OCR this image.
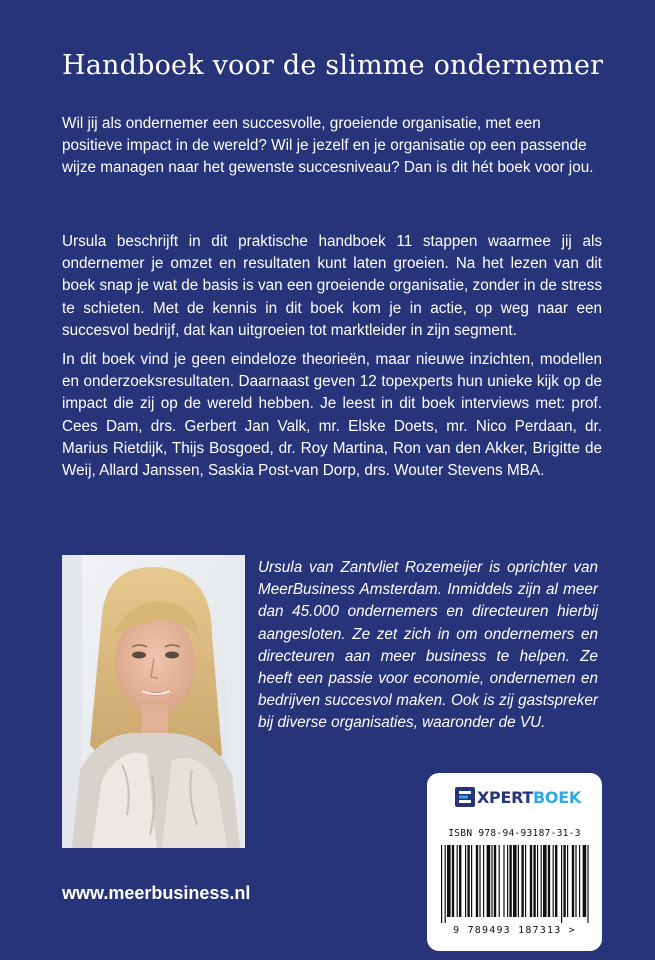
Handboek voor de slimme ondernemer

Wil jij als ondernemer een succesvolle, groeiende organisatie, met een positieve impact in de wereld? Wil je jezelf en je organisatie op een passende wijze managen naar het gewenste succesniveau? Dan is dit hét boek voor jou.

Ursula beschrijft in dit praktische handboek 11 stappen waarmee jij als ondernemer je omzet en resultaten kunt laten groeien. Na het lezen van dit boek snap je wat de basis is van een groeiende organisatie, zonder in de stress te schieten. Met de kennis in dit boek kom je in actie, op weg naar een succesvol bedrijf, dat kan uitgroeien tot marktleider in zijn segment.

In dit boek vind je geen eindeloze theorieën, maar nieuwe inzichten, modellen en onderzoeksresultaten. Daarnaast geven 12 topexperts hun unieke kijk op de impact die zij op de wereld hebben. Je leest in dit boek interviews met: prof. Cees Dam, drs. Gerbert Jan Valk, mr. Elske Doets, mr. Nico Perdaan, dr. Marius Rietdijk, Thijs Bosgoed, dr. Roy Martina, Ron van den Akker, Brigitte de Weij, Allard Janssen, Saskia Post-van Dorp, drs. Wouter Stevens MBA.

Ursula van Zantvliet Rozemeijer is oprichter van MeerBusiness Amsterdam. Inmiddels zijn al meer dan 45.000 ondernemers en directeuren hierbij aangesloten. Ze zet zich in om ondernemers en directeuren aan meer business te helpen. Ze heeft een passie voor economie, ondernemen en bedrijven succesvol maken. Ook is zij gastspreker bij diverse organisaties, waaronder de VU.

www.meerbusiness.nl

XPERTBOEK
ISBN 978-94-93187-31-3
9 789493 187313 >
